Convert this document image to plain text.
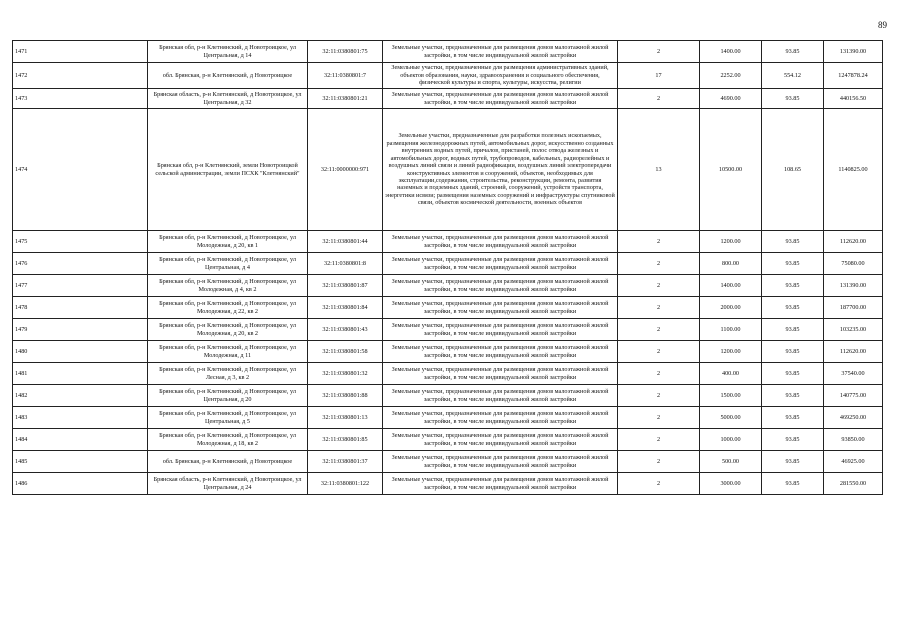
89
1471	Брянская обл, р-н Клетнянский, д Новотроицкое, ул Центральная, д 14	32:11:0380801:75	Земельные участки, предназначенные для размещения домов малоэтажной жилой застройки, в том числе индивидуальной жилой застройки	2	1400.00	93.85	131390.00
1472	обл. Брянская, р-н Клетнянский, д Новотроицкое	32:11:0380801:7	Земельные участки, предназначенные для размещения административных зданий, объектов образования, науки, здравоохранения и социального обеспечения, физической культуры и спорта, культуры, искусства, религии	17	2252.00	554.12	1247878.24
1473	Брянская область, р-н Клетнянский, д Новотроицкое, ул Центральная, д 32	32:11:0380801:21	Земельные участки, предназначенные для размещения домов малоэтажной жилой застройки, в том числе индивидуальной жилой застройки	2	4690.00	93.85	440156.50
1474	Брянская обл, р-н Клетнянский, земли Новотроицкой сельской администрации, земли ПСХК "Клетнянский"	32:11:0000000:971	Земельные участки, предназначенные для разработки полезных ископаемых, размещения железнодорожных путей, автомобильных дорог, искусственно созданных внутренних водных путей, причалов, пристаней, полос отвода железных и автомобильных дорог, водных путей, трубопроводов, кабельных, радиорелейных и воздушных линий связи и линий радиофикации, воздушных линий электропередачи конструктивных элементов и сооружений, объектов, необходимых для эксплуатации,содержания, строительства, реконструкции, ремонта, развития наземных и подземных зданий, строений, сооружений, устройств транспорта, энергетики исвязи; размещения наземных сооружений и инфраструктуры спутниковой связи, объектов космической деятельности, военных объектов	13	10500.00	108.65	1140825.00
1475	Брянская обл, р-н Клетнянский, д Новотроицкое, ул Молодежная, д 20, кв 1	32:11:0380801:44	Земельные участки, предназначенные для размещения домов малоэтажной жилой застройки, в том числе индивидуальной жилой застройки	2	1200.00	93.85	112620.00
1476	Брянская обл, р-н Клетнянский, д Новотроицкое, ул Центральная, д 4	32:11:0380801:8	Земельные участки, предназначенные для размещения домов малоэтажной жилой застройки, в том числе индивидуальной жилой застройки	2	800.00	93.85	75080.00
1477	Брянская обл, р-н Клетнянский, д Новотроицкое, ул Молодежная, д 4, кв 2	32:11:0380801:87	Земельные участки, предназначенные для размещения домов малоэтажной жилой застройки, в том числе индивидуальной жилой застройки	2	1400.00	93.85	131390.00
1478	Брянская обл, р-н Клетнянский, д Новотроицкое, ул Молодежная, д 22, кв 2	32:11:0380801:84	Земельные участки, предназначенные для размещения домов малоэтажной жилой застройки, в том числе индивидуальной жилой застройки	2	2000.00	93.85	187700.00
1479	Брянская обл, р-н Клетнянский, д Новотроицкое, ул Молодежная, д 20, кв 2	32:11:0380801:43	Земельные участки, предназначенные для размещения домов малоэтажной жилой застройки, в том числе индивидуальной жилой застройки	2	1100.00	93.85	103235.00
1480	Брянская обл, р-н Клетнянский, д Новотроицкое, ул Молодежная, д 11	32:11:0380801:58	Земельные участки, предназначенные для размещения домов малоэтажной жилой застройки, в том числе индивидуальной жилой застройки	2	1200.00	93.85	112620.00
1481	Брянская обл, р-н Клетнянский, д Новотроицкое, ул Лесная, д 3, кв 2	32:11:0380801:32	Земельные участки, предназначенные для размещения домов малоэтажной жилой застройки, в том числе индивидуальной жилой застройки	2	400.00	93.85	37540.00
1482	Брянская обл, р-н Клетнянский, д Новотроицкое, ул Центральная, д 20	32:11:0380801:88	Земельные участки, предназначенные для размещения домов малоэтажной жилой застройки, в том числе индивидуальной жилой застройки	2	1500.00	93.85	140775.00
1483	Брянская обл, р-н Клетнянский, д Новотроицкое, ул Центральная, д 5	32:11:0380801:13	Земельные участки, предназначенные для размещения домов малоэтажной жилой застройки, в том числе индивидуальной жилой застройки	2	5000.00	93.85	469250.00
1484	Брянская обл, р-н Клетнянский, д Новотроицкое, ул Молодежная, д 18, кв 2	32:11:0380801:85	Земельные участки, предназначенные для размещения домов малоэтажной жилой застройки, в том числе индивидуальной жилой застройки	2	1000.00	93.85	93850.00
1485	обл. Брянская, р-н Клетнянский, д Новотроицкое	32:11:0380801:37	Земельные участки, предназначенные для размещения домов малоэтажной жилой застройки, в том числе индивидуальной жилой застройки	2	500.00	93.85	46925.00
1486	Брянская область, р-н Клетнянский, д Новотроицкое, ул Центральная, д 24	32:11:0380801:122	Земельные участки, предназначенные для размещения домов малоэтажной жилой застройки, в том числе индивидуальной жилой застройки	2	3000.00	93.85	281550.00
